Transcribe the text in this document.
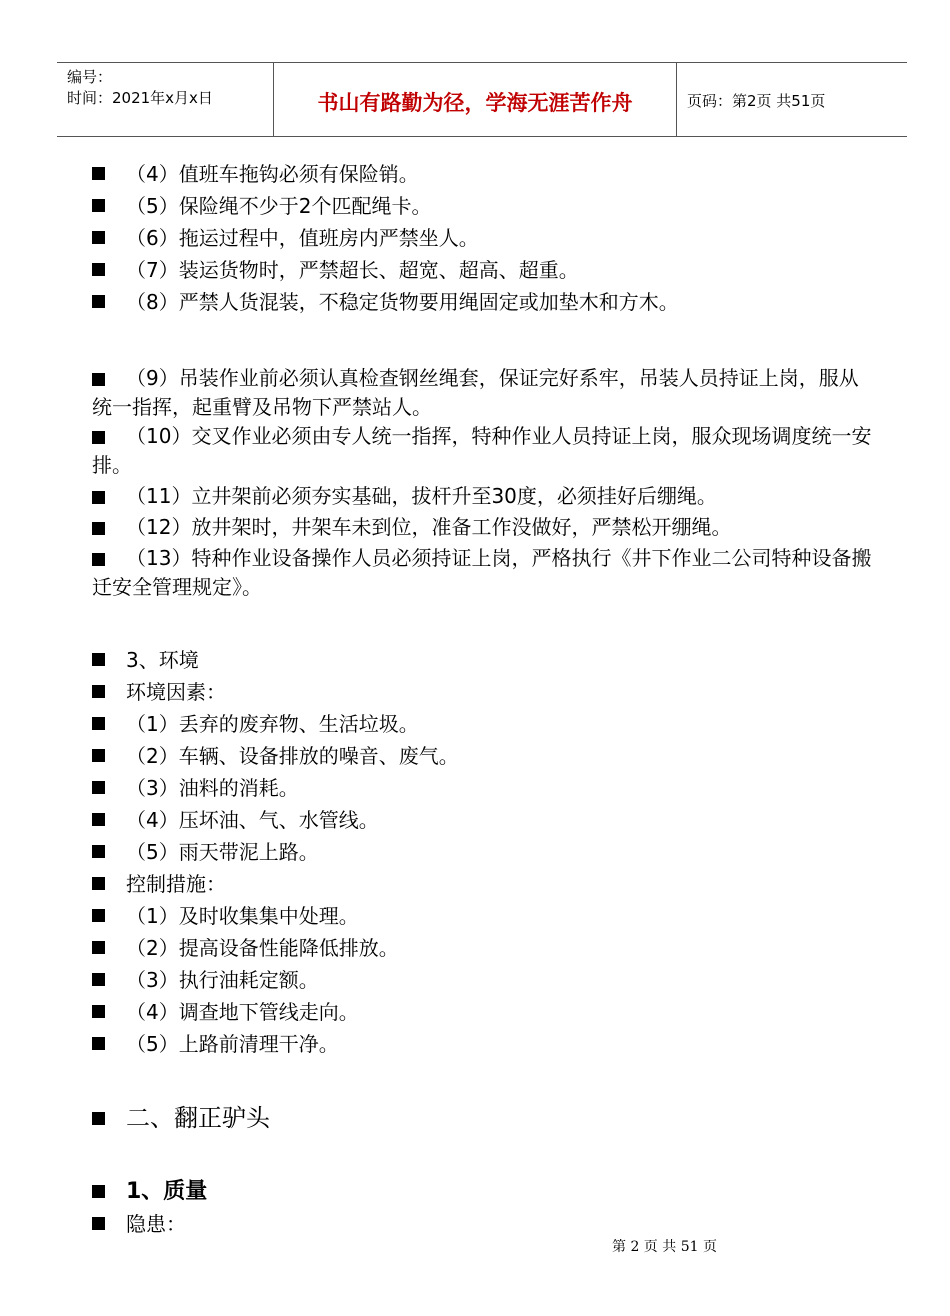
编号：
时间：2021年x月x日	书山有路勤为径，学海无涯苦作舟	页码：第2页 共51页
（4）值班车拖钩必须有保险销。
（5）保险绳不少于2个匹配绳卡。
（6）拖运过程中，值班房内严禁坐人。
（7）装运货物时，严禁超长、超宽、超高、超重。
（8）严禁人货混装，不稳定货物要用绳固定或加垫木和方木。
（9）吊装作业前必须认真检查钢丝绳套，保证完好系牢，吊装人员持证上岗，服从统一指挥，起重臂及吊物下严禁站人。
（10）交叉作业必须由专人统一指挥，特种作业人员持证上岗，服众现场调度统一安排。
（11）立井架前必须夯实基础，拔杆升至30度，必须挂好后绷绳。
（12）放井架时，井架车未到位，准备工作没做好，严禁松开绷绳。
（13）特种作业设备操作人员必须持证上岗，严格执行《井下作业二公司特种设备搬迁安全管理规定》。
3、环境
环境因素：
（1）丢弃的废弃物、生活垃圾。
（2）车辆、设备排放的噪音、废气。
（3）油料的消耗。
（4）压坏油、气、水管线。
（5）雨天带泥上路。
控制措施：
（1）及时收集集中处理。
（2）提高设备性能降低排放。
（3）执行油耗定额。
（4）调查地下管线走向。
（5）上路前清理干净。
二、翻正驴头
1、质量
隐患：
第 2 页 共 51 页
